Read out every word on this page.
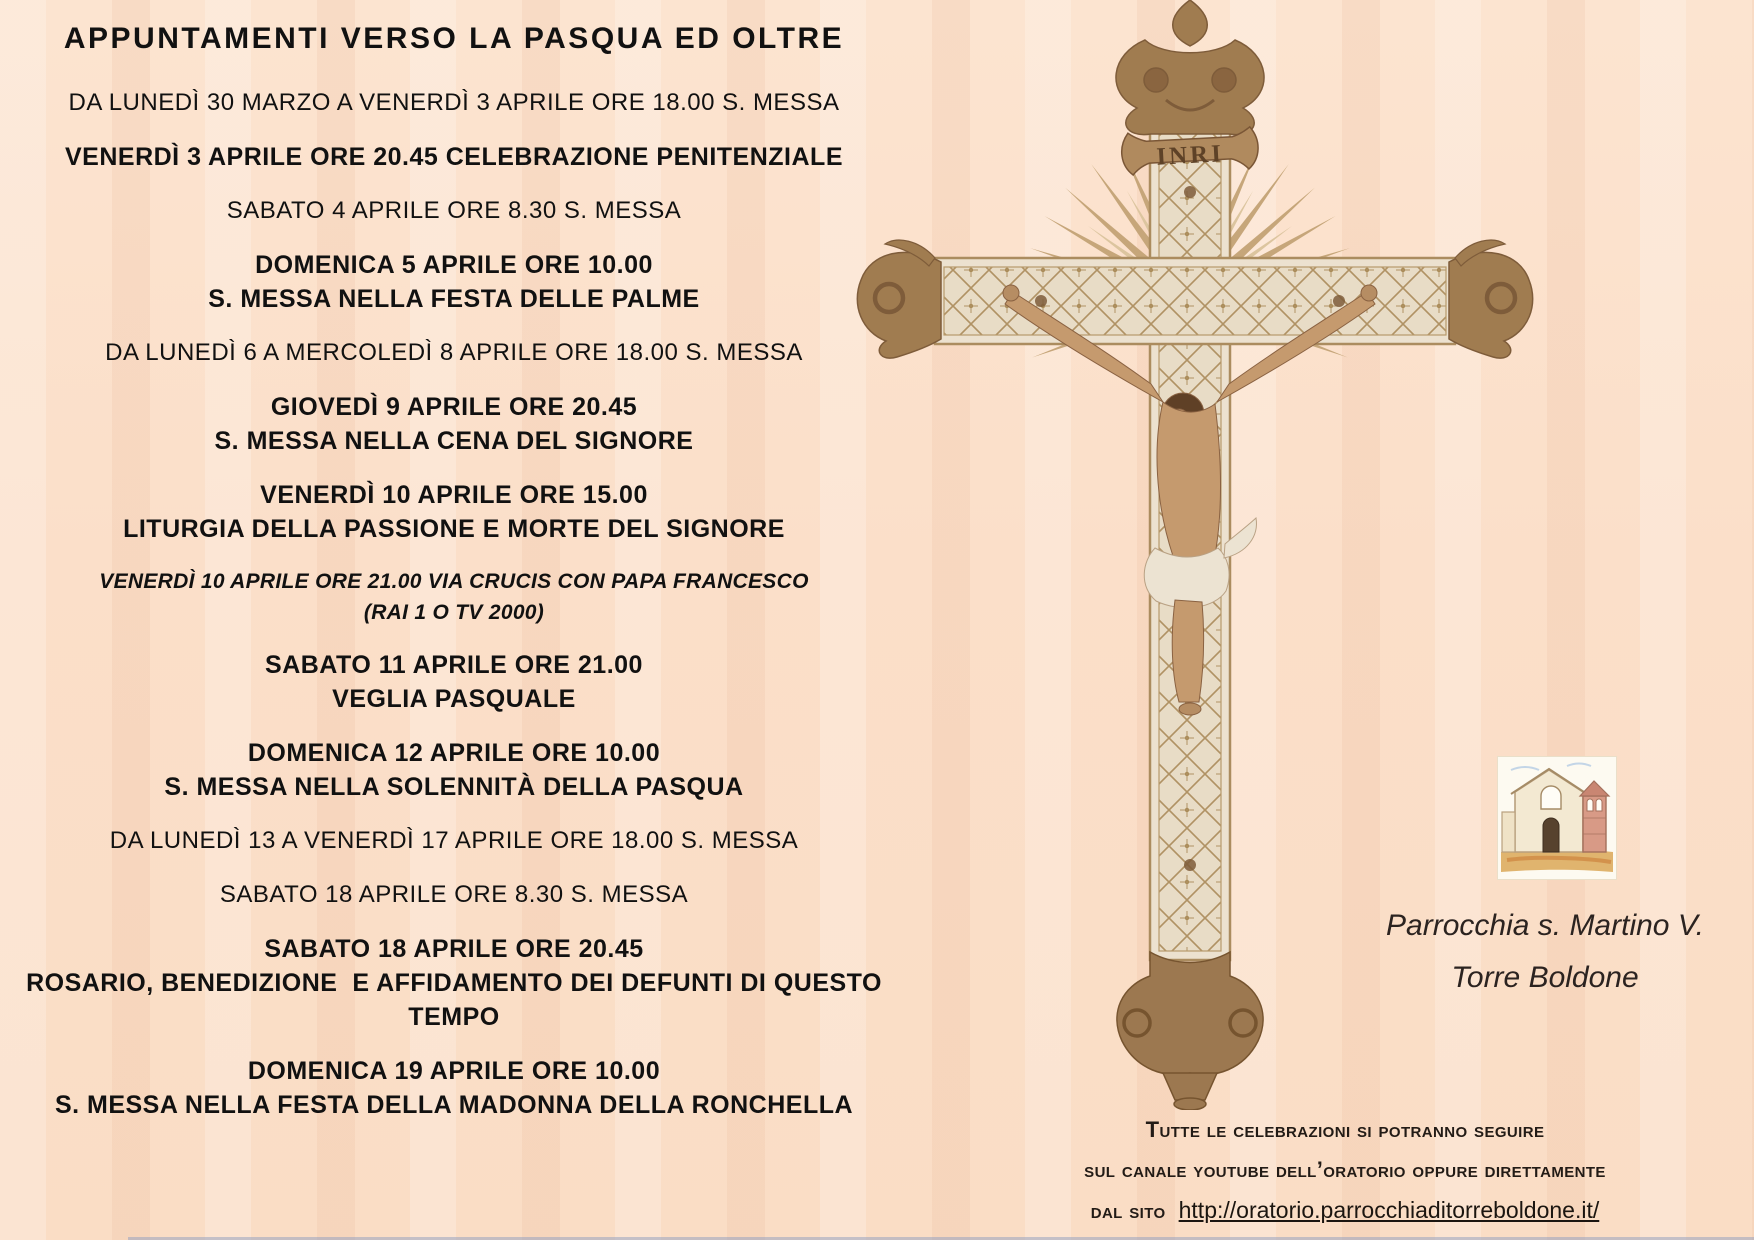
APPUNTAMENTI VERSO LA PASQUA ED OLTRE
DA LUNEDÌ 30 MARZO A VENERDÌ 3 APRILE ORE 18.00 S. MESSA
VENERDÌ 3 APRILE ORE 20.45 CELEBRAZIONE PENITENZIALE
SABATO 4 APRILE ORE 8.30 S. MESSA
DOMENICA 5 APRILE ORE 10.00
S. MESSA NELLA FESTA DELLE PALME
DA LUNEDÌ 6 A MERCOLEDÌ 8 APRILE ORE 18.00 S. MESSA
GIOVEDÌ 9 APRILE ORE 20.45
S. MESSA NELLA CENA DEL SIGNORE
VENERDÌ 10 APRILE ORE 15.00
LITURGIA DELLA PASSIONE E MORTE DEL SIGNORE
VENERDÌ 10 APRILE ORE 21.00 VIA CRUCIS CON PAPA FRANCESCO
(RAI 1 O TV 2000)
SABATO 11 APRILE ORE 21.00
VEGLIA PASQUALE
DOMENICA 12 APRILE ORE 10.00
S. MESSA NELLA SOLENNITÀ DELLA PASQUA
DA LUNEDÌ 13 A VENERDÌ 17 APRILE ORE 18.00 S. MESSA
SABATO 18 APRILE ORE 8.30 S. MESSA
SABATO 18 APRILE ORE 20.45
ROSARIO, BENEDIZIONE  E AFFIDAMENTO DEI DEFUNTI DI QUESTO TEMPO
DOMENICA 19 APRILE ORE 10.00
S. MESSA NELLA FESTA DELLA MADONNA DELLA RONCHELLA
INRI
Parrocchia s. Martino V.
Torre Boldone
Tutte le celebrazioni si potranno seguire
sul canale youtube dell’oratorio oppure direttamente
dal sito http://oratorio.parrocchiaditorreboldone.it/
